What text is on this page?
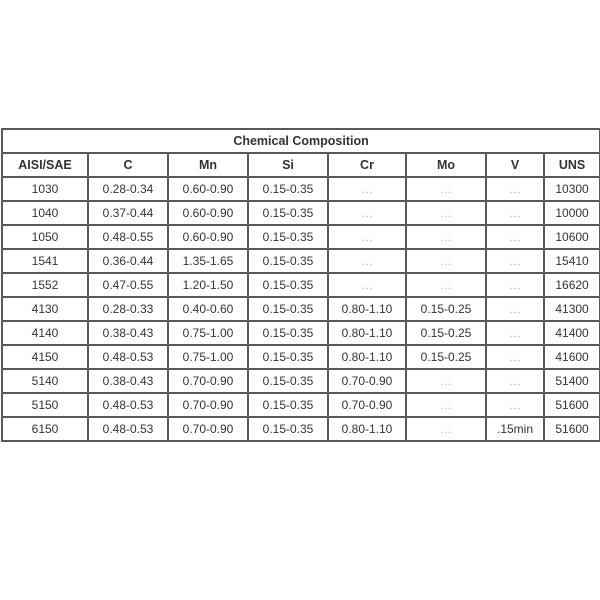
Chemical Composition							
AISI/SAE	C	Mn	Si	Cr	Mo	V	UNS
1030	0.28-0.34	0.60-0.90	0.15-0.35	…	…	…	10300
1040	0.37-0.44	0.60-0.90	0.15-0.35	…	…	…	10000
1050	0.48-0.55	0.60-0.90	0.15-0.35	…	…	…	10600
1541	0.36-0.44	1.35-1.65	0.15-0.35	…	…	…	15410
1552	0.47-0.55	1.20-1.50	0.15-0.35	…	…	…	16620
4130	0.28-0.33	0.40-0.60	0.15-0.35	0.80-1.10	0.15-0.25	…	41300
4140	0.38-0.43	0.75-1.00	0.15-0.35	0.80-1.10	0.15-0.25	…	41400
4150	0.48-0.53	0.75-1.00	0.15-0.35	0.80-1.10	0.15-0.25	…	41600
5140	0.38-0.43	0.70-0.90	0.15-0.35	0.70-0.90	…	…	51400
5150	0.48-0.53	0.70-0.90	0.15-0.35	0.70-0.90	…	…	51600
6150	0.48-0.53	0.70-0.90	0.15-0.35	0.80-1.10	…	.15min	51600
